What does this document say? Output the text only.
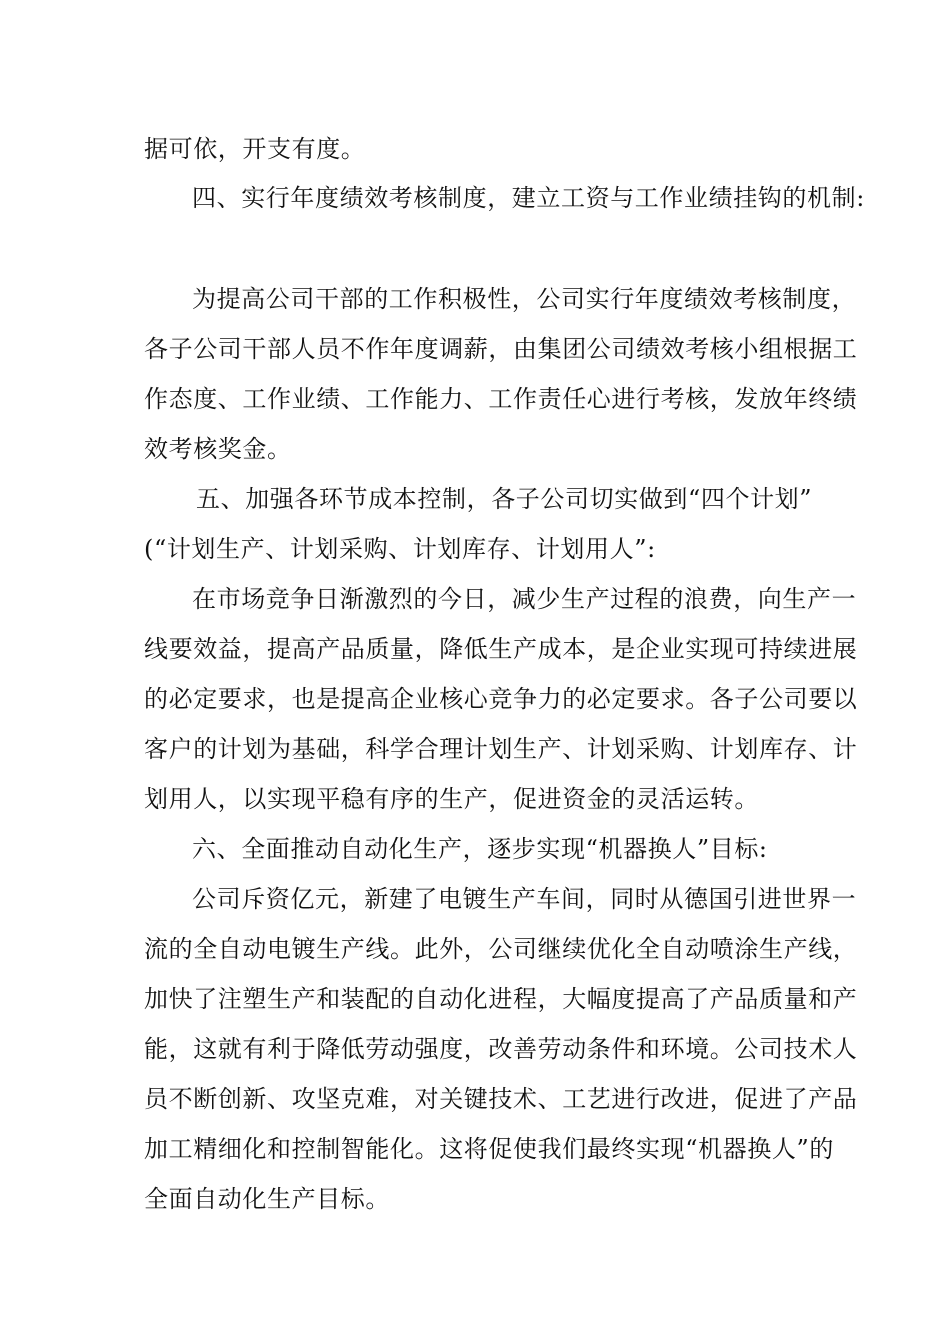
据可依，开支有度。
四、实行年度绩效考核制度，建立工资与工作业绩挂钩的机制:
为提高公司干部的工作积极性，公司实行年度绩效考核制度，
各子公司干部人员不作年度调薪，由集团公司绩效考核小组根据工
作态度、工作业绩、工作能力、工作责任心进行考核，发放年终绩
效考核奖金。
五、加强各环节成本控制，各子公司切实做到“四个计划”
(“计划生产、计划采购、计划库存、计划用人”:
在市场竞争日渐激烈的今日，减少生产过程的浪费，向生产一
线要效益，提高产品质量，降低生产成本，是企业实现可持续进展
的必定要求，也是提高企业核心竞争力的必定要求。各子公司要以
客户的计划为基础，科学合理计划生产、计划采购、计划库存、计
划用人，以实现平稳有序的生产，促进资金的灵活运转。
六、全面推动自动化生产，逐步实现“机器换人”目标:
公司斥资亿元，新建了电镀生产车间，同时从德国引进世界一
流的全自动电镀生产线。此外，公司继续优化全自动喷涂生产线，
加快了注塑生产和装配的自动化进程，大幅度提高了产品质量和产
能，这就有利于降低劳动强度，改善劳动条件和环境。公司技术人
员不断创新、攻坚克难，对关键技术、工艺进行改进，促进了产品
加工精细化和控制智能化。这将促使我们最终实现“机器换人”的
全面自动化生产目标。
